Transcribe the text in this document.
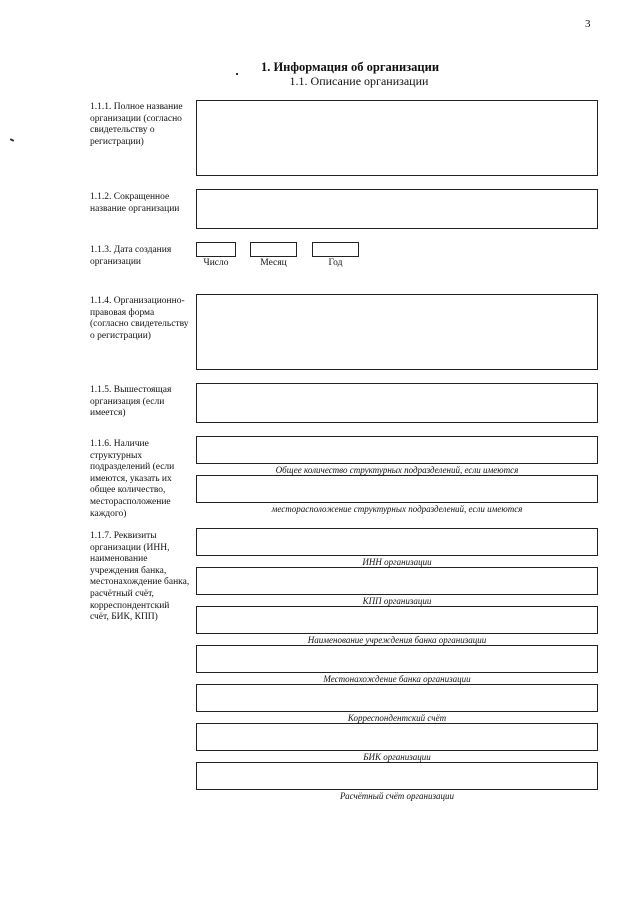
3
1. Информация об организации
1.1. Описание организации
1.1.1. Полное название организации (согласно свидетельству о регистрации)
1.1.2. Сокращенное название организации
1.1.3. Дата создания организации	Число	Месяц	Год
1.1.4. Организационно-правовая форма (согласно свидетельству о регистрации)
1.1.5. Вышестоящая организация (если имеется)
1.1.6. Наличие структурных подразделений (если имеются, указать их общее количество, месторасположение каждого)
Общее количество структурных подразделений, если имеются
месторасположение структурных подразделений, если имеются
1.1.7. Реквизиты организации (ИНН, наименование учреждения банка, местонахождение банка, расчётный счёт, корреспондентский счёт, БИК, КПП)
ИНН организации
КПП организации
Наименование учреждения банка организации
Местонахождение банка организации
Корреспондентский счёт
БИК организации
Расчётный счёт организации
